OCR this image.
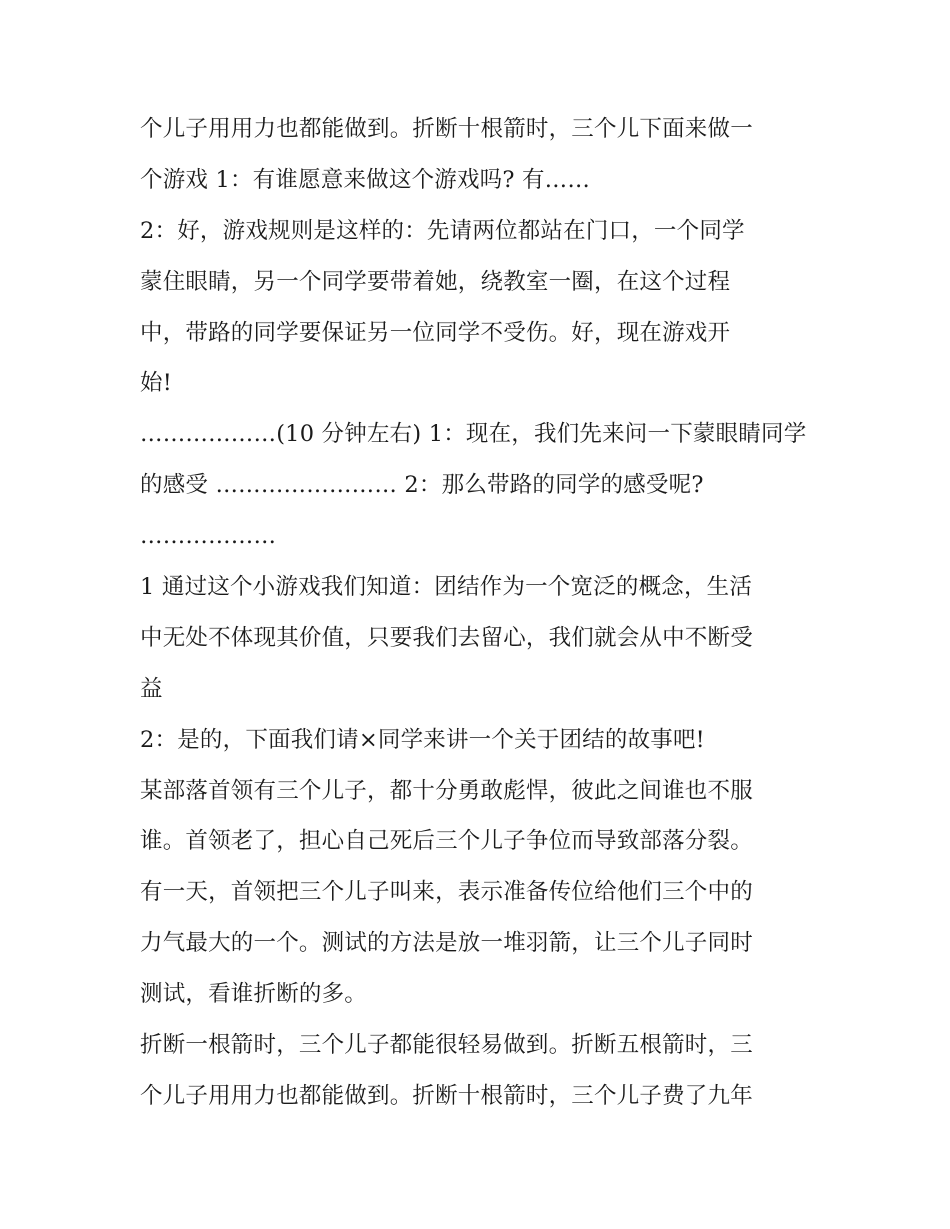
个儿子用用力也都能做到。折断十根箭时，三个儿下面来做一
个游戏 1：有谁愿意来做这个游戏吗? 有……
2：好，游戏规则是这样的：先请两位都站在门口，一个同学
蒙住眼睛，另一个同学要带着她，绕教室一圈，在这个过程
中，带路的同学要保证另一位同学不受伤。好，现在游戏开
始!
………………(10 分钟左右) 1：现在，我们先来问一下蒙眼睛同学
的感受 …………………… 2：那么带路的同学的感受呢?
………………
1 通过这个小游戏我们知道：团结作为一个宽泛的概念，生活
中无处不体现其价值，只要我们去留心，我们就会从中不断受
益
2：是的，下面我们请×同学来讲一个关于团结的故事吧!
某部落首领有三个儿子，都十分勇敢彪悍，彼此之间谁也不服
谁。首领老了，担心自己死后三个儿子争位而导致部落分裂。
有一天，首领把三个儿子叫来，表示准备传位给他们三个中的
力气最大的一个。测试的方法是放一堆羽箭，让三个儿子同时
测试，看谁折断的多。
折断一根箭时，三个儿子都能很轻易做到。折断五根箭时，三
个儿子用用力也都能做到。折断十根箭时，三个儿子费了九年
